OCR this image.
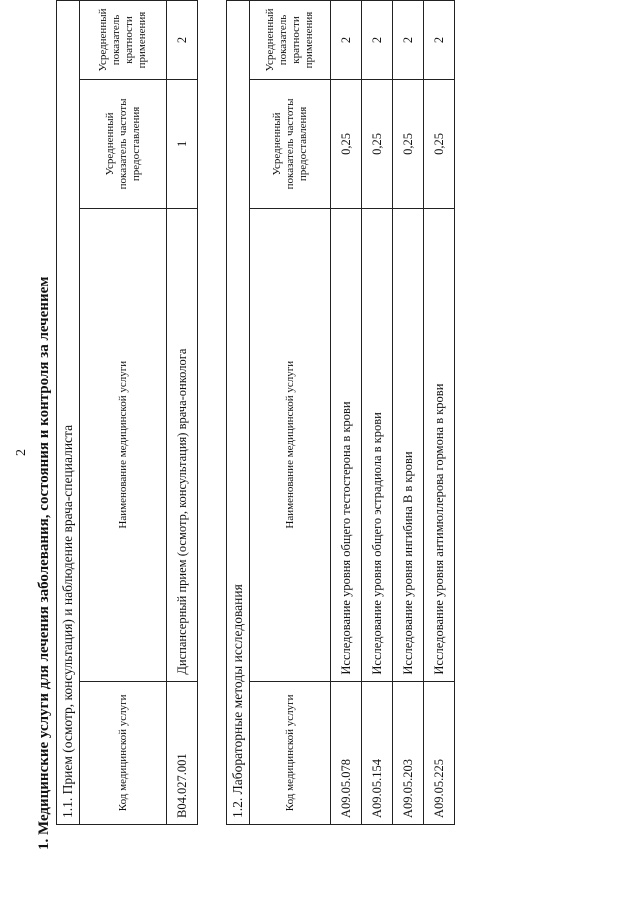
2 1. Медицинские услуги для лечения заболевания, состояния и контроля за лечением 1.1. Прием (осмотр, консультация) и наблюдение врача-специалиста			
Код медицинской услуги	Наименование медицинской услуги	Усредненный показатель частоты предоставления	Усредненный показатель кратности применения
B04.027.001	Диспансерный прием (осмотр, консультация) врача-онколога	1	2
1.2. Лабораторные методы исследования			
Код медицинской услуги	Наименование медицинской услуги	Усредненный показатель частоты предоставления	Усредненный показатель кратности применения
A09.05.078	Исследование уровня общего тестостерона в крови	0,25	2
A09.05.154	Исследование уровня общего эстрадиола в крови	0,25	2
A09.05.203	Исследование уровня ингибина В в крови	0,25	2
A09.05.225	Исследование уровня антимюллерова гормона в крови	0,25	2
